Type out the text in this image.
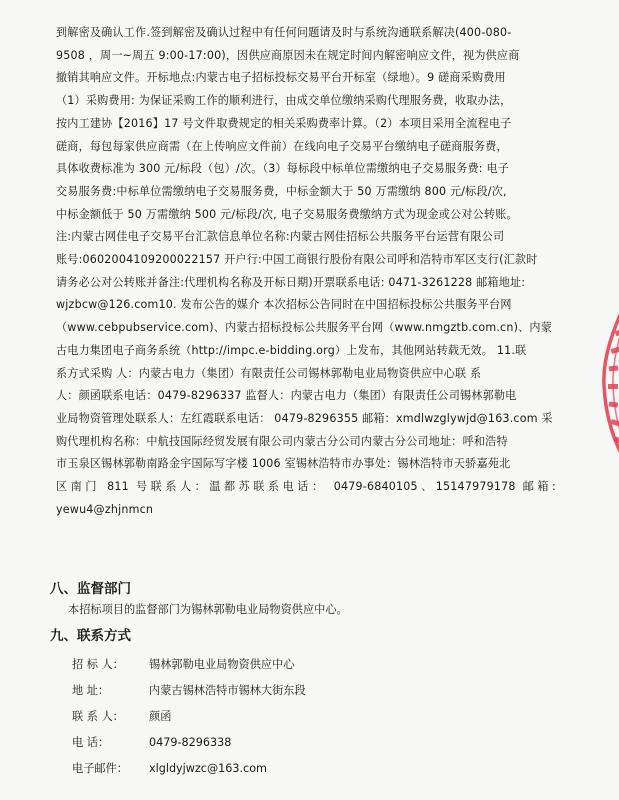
到解密及确认工作.签到解密及确认过程中有任何问题请及时与系统沟通联系解决(400-080-

9508 ，周一~周五 9:00-17:00)，因供应商原因未在规定时间内解密响应文件，视为供应商

撤销其响应文件。开标地点:内蒙古电子招标投标交易平台开标室（绿地）。9 磋商采购费用

（1）采购费用: 为保证采购工作的顺利进行，由成交单位缴纳采购代理服务费，收取办法，

按内工建协【2016】17 号文件取费规定的相关采购费率计算。（2）本项目采用全流程电子

磋商，每包每家供应商需（在上传响应文件前）在线向电子交易平台缴纳电子磋商服务费，

具体收费标准为 300 元/标段（包）/次。（3）每标段中标单位需缴纳电子交易服务费: 电子

交易服务费:中标单位需缴纳电子交易服务费，中标金额大于 50 万需缴纳 800 元/标段/次,

中标金额低于 50 万需缴纳 500 元/标段/次, 电子交易服务费缴纳方式为现金或公对公转账。

注:内蒙古网佳电子交易平台汇款信息单位名称:内蒙古网佳招标公共服务平台运营有限公司

账号:0602004109200022157 开户行:中国工商银行股份有限公司呼和浩特市军区支行(汇款时

请务必公对公转账并备注:代理机构名称及开标日期)开票联系电话: 0471-3261228 邮箱地址:

wjzbcw@126.com10. 发布公告的媒介 本次招标公告同时在中国招标投标公共服务平台网

（www.cebpubservice.com)、内蒙古招标投标公共服务平台网（www.nmgztb.com.cn)、内蒙

古电力集团电子商务系统（http://impc.e-bidding.org）上发布，其他网站转载无效。 11.联

系方式采购 人：内蒙古电力（集团）有限责任公司锡林郭勒电业局物资供应中心联 系

人：颜函联系电话：0479-8296337 监督人：内蒙古电力（集团）有限责任公司锡林郭勒电

业局物资管理处联系人：左红霞联系电话： 0479-8296355 邮箱：xmdlwzglywjd@163.com 采

购代理机构名称：中航技国际经贸发展有限公司内蒙古分公司内蒙古分公司地址：呼和浩特

市玉泉区锡林郭勒南路金宇国际写字楼 1006 室锡林浩特市办事处：锡林浩特市天骄嘉苑北

区南门 811 号联系人：温都苏联系电话： 0479-6840105、15147979178 邮箱: yewu4@zhjnmcn

八、监督部门
本招标项目的监督部门为锡林郭勒电业局物资供应中心。
九、联系方式
招 标 人：	锡林郭勒电业局物资供应中心
地 址：	内蒙古锡林浩特市锡林大街东段
联 系 人：	颜函
电 话：	0479-8296338
电子邮件：	xlgldyjwzc@163.com
